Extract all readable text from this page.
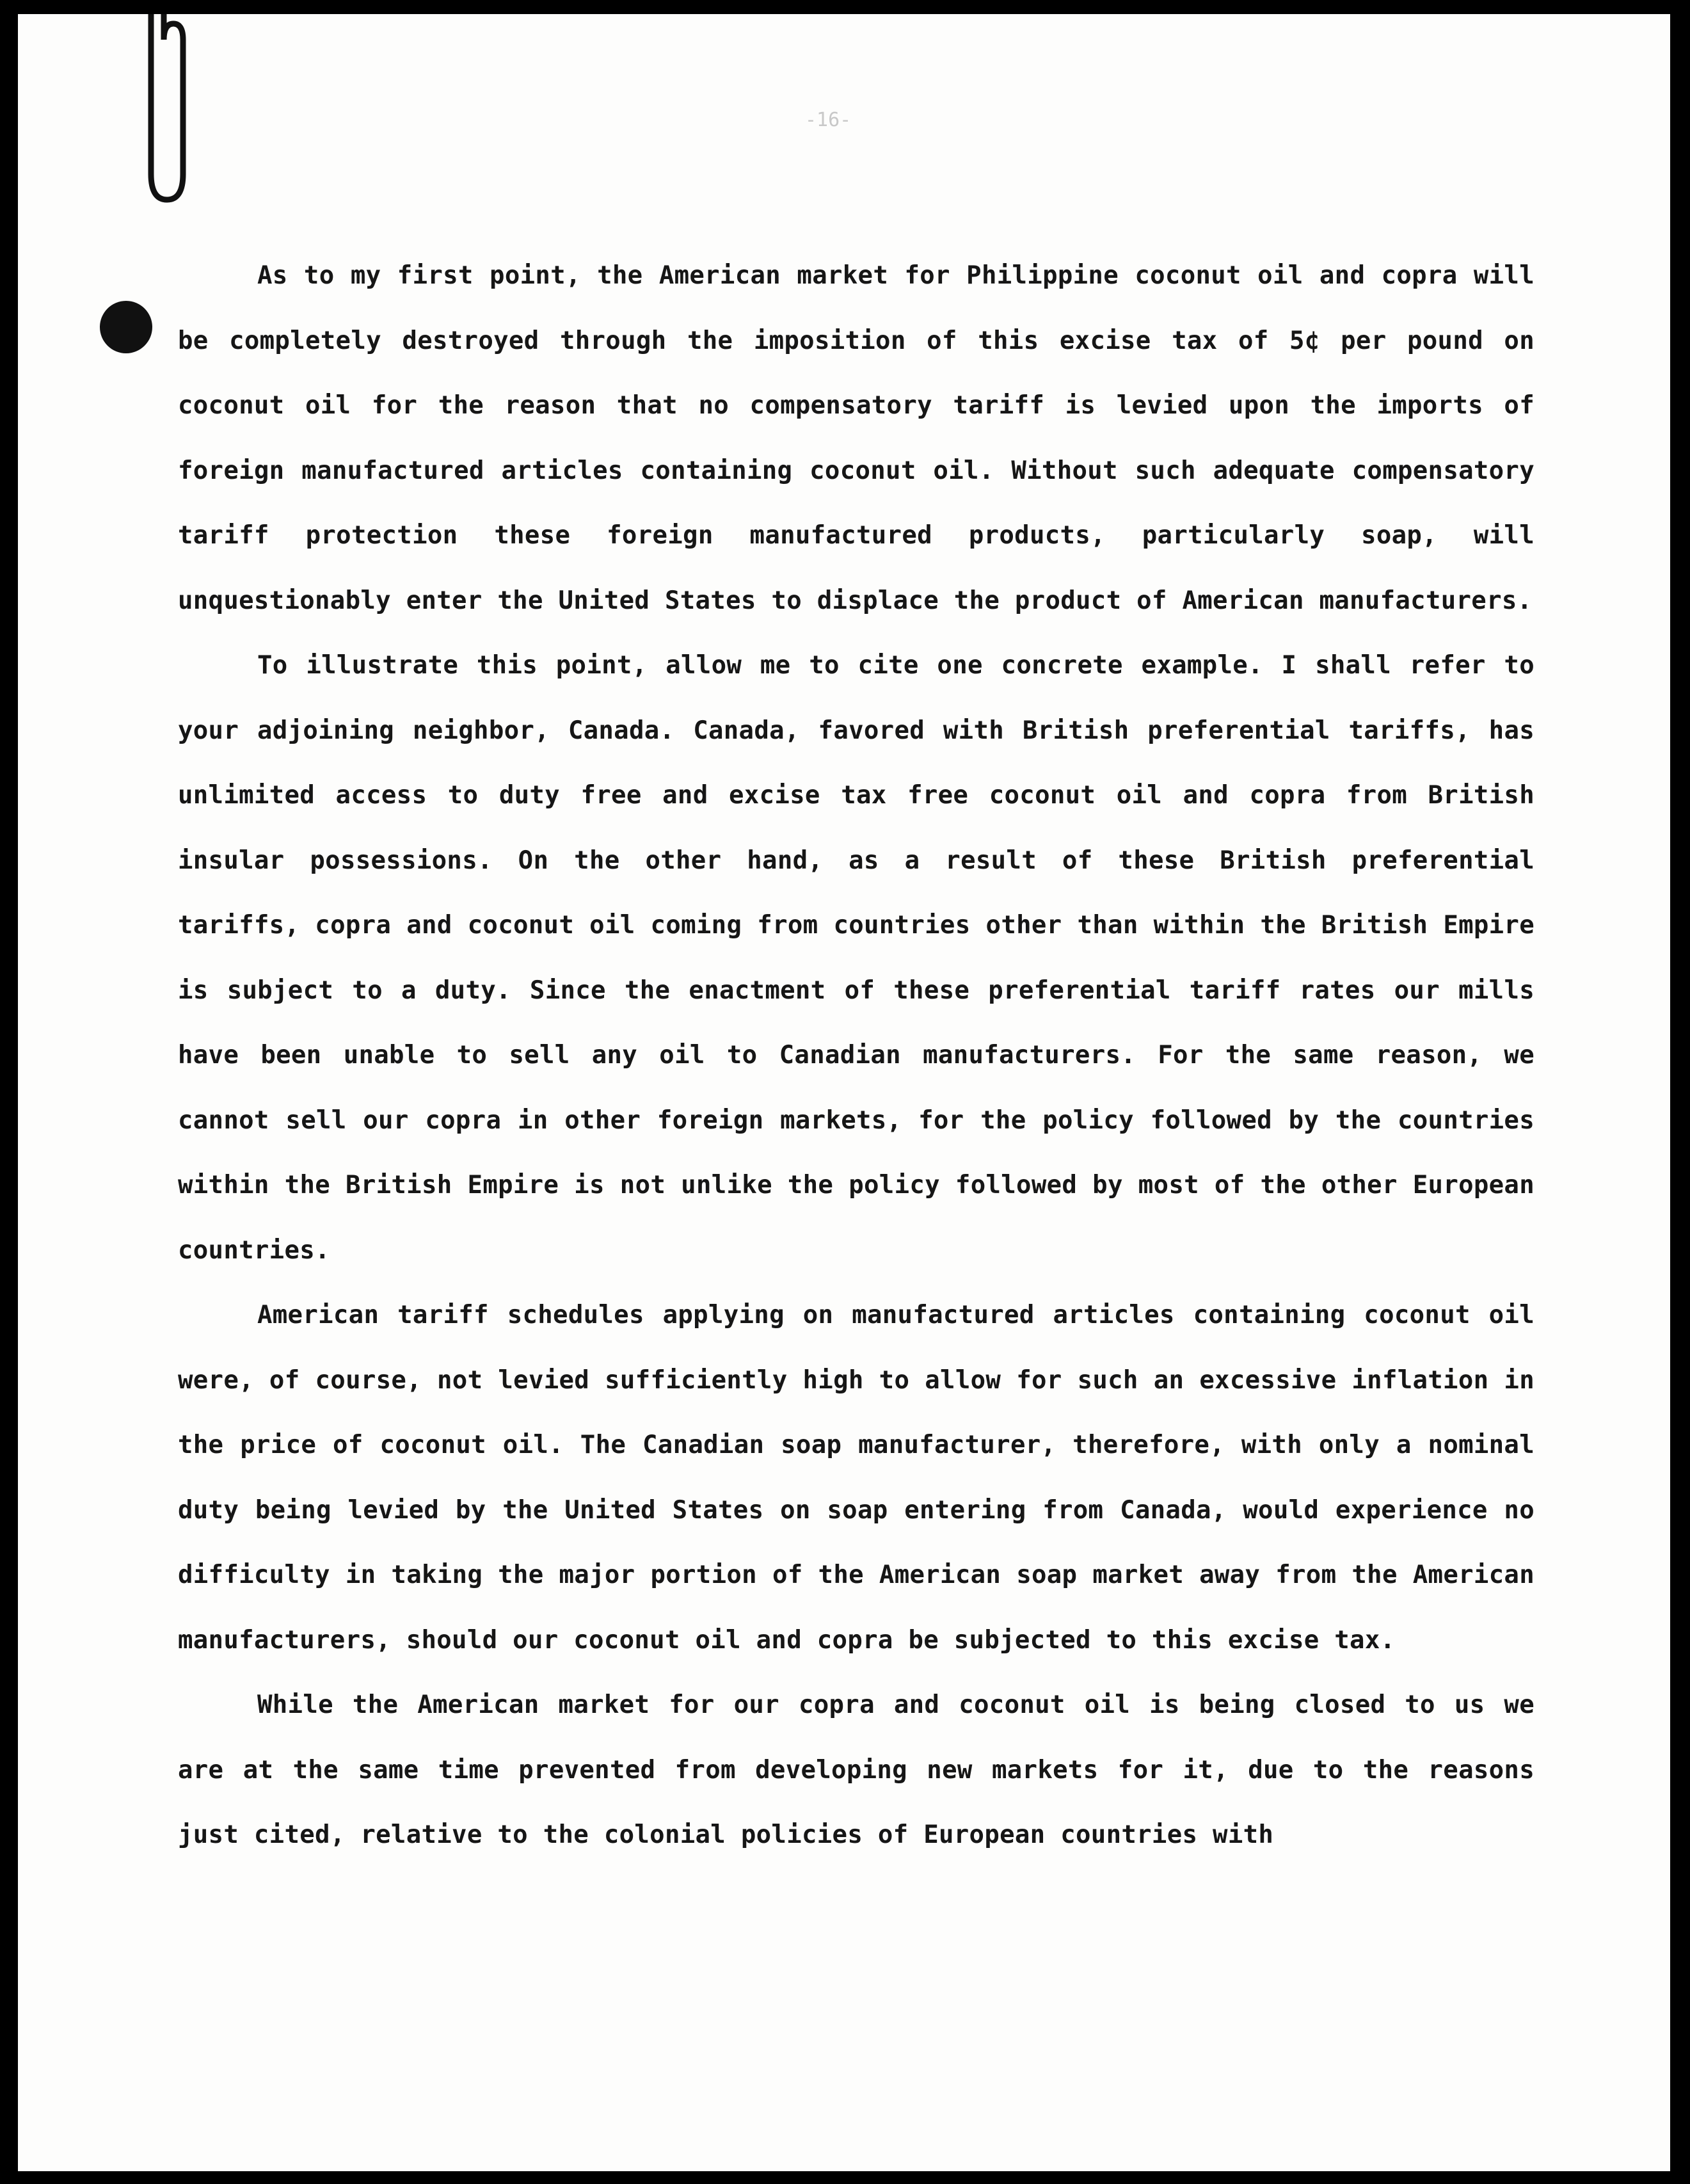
-16-

As to my first point, the American market for Philippine coconut oil and copra will be completely destroyed through the imposition of this excise tax of 5¢ per pound on coconut oil for the reason that no compensatory tariff is levied upon the imports of foreign manufactured articles containing coconut oil. Without such adequate compensatory tariff protection these foreign manufactured products, particularly soap, will unquestionably enter the United States to displace the product of American manufacturers.

To illustrate this point, allow me to cite one concrete example. I shall refer to your adjoining neighbor, Canada. Canada, favored with British preferential tariffs, has unlimited access to duty free and excise tax free coconut oil and copra from British insular possessions. On the other hand, as a result of these British preferential tariffs, copra and coconut oil coming from countries other than within the British Empire is subject to a duty. Since the enactment of these preferential tariff rates our mills have been unable to sell any oil to Canadian manufacturers. For the same reason, we cannot sell our copra in other foreign markets, for the policy followed by the countries within the British Empire is not unlike the policy followed by most of the other European countries.

American tariff schedules applying on manufactured articles containing coconut oil were, of course, not levied sufficiently high to allow for such an excessive inflation in the price of coconut oil. The Canadian soap manufacturer, therefore, with only a nominal duty being levied by the United States on soap entering from Canada, would experience no difficulty in taking the major portion of the American soap market away from the American manufacturers, should our coconut oil and copra be subjected to this excise tax.

While the American market for our copra and coconut oil is being closed to us we are at the same time prevented from developing new markets for it, due to the reasons just cited, relative to the colonial policies of European countries with
